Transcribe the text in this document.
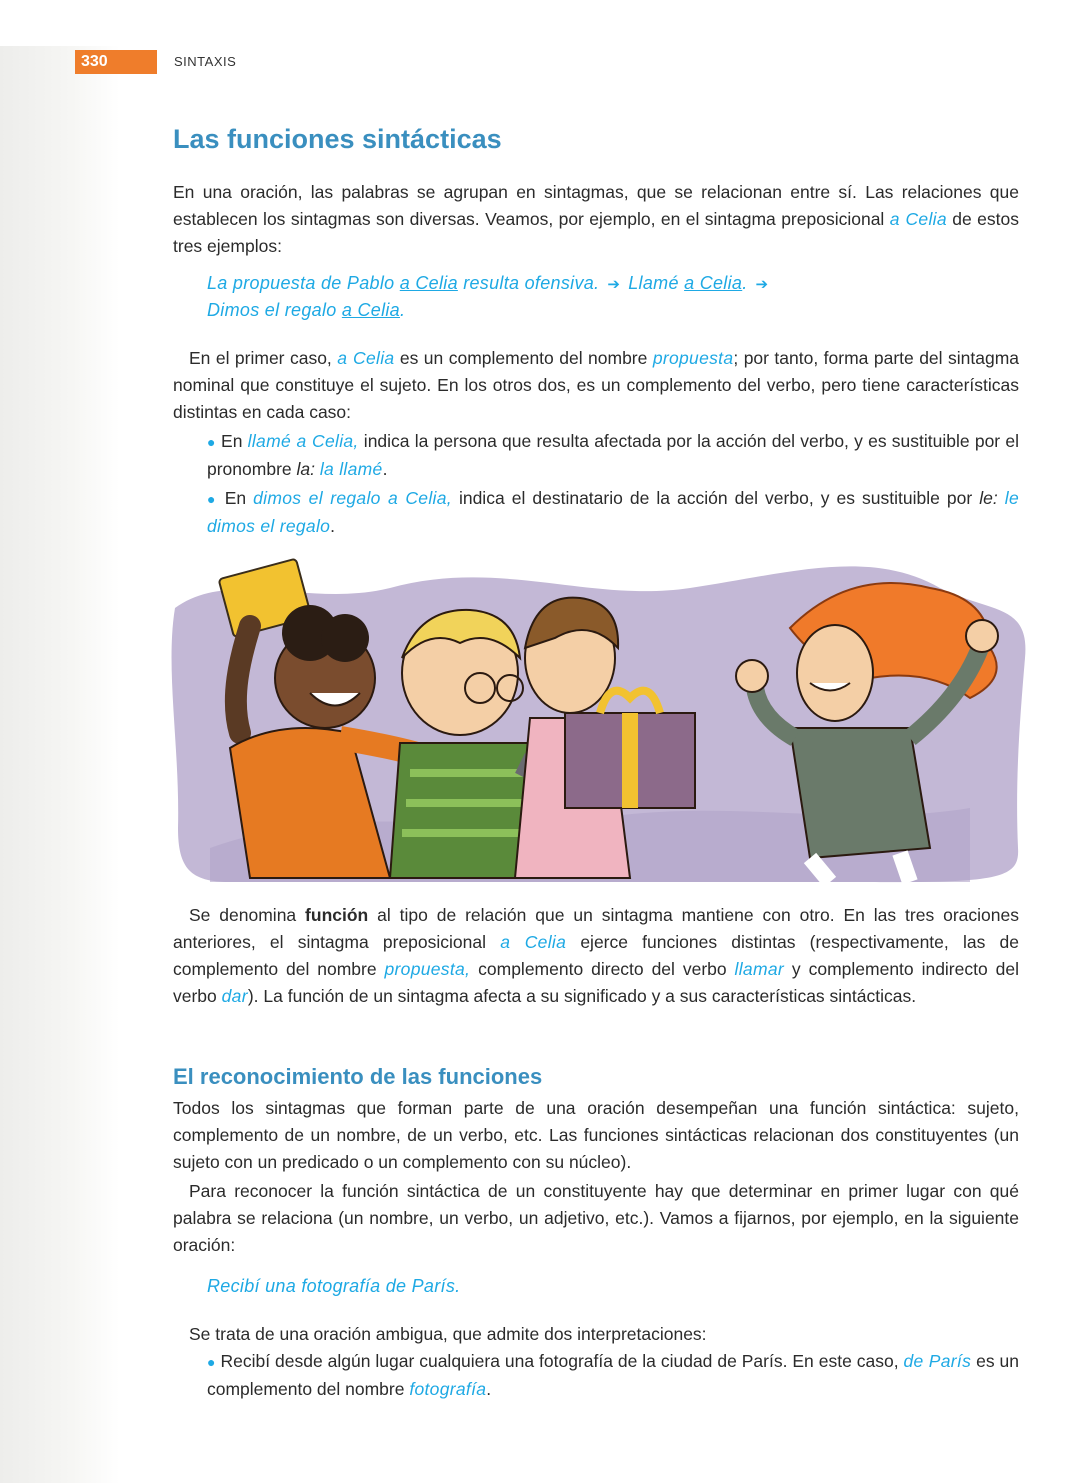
330	SINTAXIS
Las funciones sintácticas

En una oración, las palabras se agrupan en sintagmas, que se relacionan entre sí. Las relaciones que establecen los sintagmas son diversas. Veamos, por ejemplo, en el sintagma preposicional a Celia de estos tres ejemplos:

La propuesta de Pablo a Celia resulta ofensiva. ➔ Llamé a Celia. ➔

Dimos el regalo a Celia.

En el primer caso, a Celia es un complemento del nombre propuesta; por tanto, forma parte del sintagma nominal que constituye el sujeto. En los otros dos, es un complemento del verbo, pero tiene características distintas en cada caso:

● En llamé a Celia, indica la persona que resulta afectada por la acción del verbo, y es sustituible por el pronombre la: la llamé.

● En dimos el regalo a Celia, indica el destinatario de la acción del verbo, y es sustituible por le: le dimos el regalo.

Se denomina función al tipo de relación que un sintagma mantiene con otro. En las tres oraciones anteriores, el sintagma preposicional a Celia ejerce funciones distintas (respectivamente, las de complemento del nombre propuesta, complemento directo del verbo llamar y complemento indirecto del verbo dar). La función de un sintagma afecta a su significado y a sus características sintácticas.

El reconocimiento de las funciones

Todos los sintagmas que forman parte de una oración desempeñan una función sintáctica: sujeto, complemento de un nombre, de un verbo, etc. Las funciones sintácticas relacionan dos constituyentes (un sujeto con un predicado o un complemento con su núcleo).

Para reconocer la función sintáctica de un constituyente hay que determinar en primer lugar con qué palabra se relaciona (un nombre, un verbo, un adjetivo, etc.). Vamos a fijarnos, por ejemplo, en la siguiente oración:

Recibí una fotografía de París.

Se trata de una oración ambigua, que admite dos interpretaciones:

● Recibí desde algún lugar cualquiera una fotografía de la ciudad de París. En este caso, de París es un complemento del nombre fotografía.
